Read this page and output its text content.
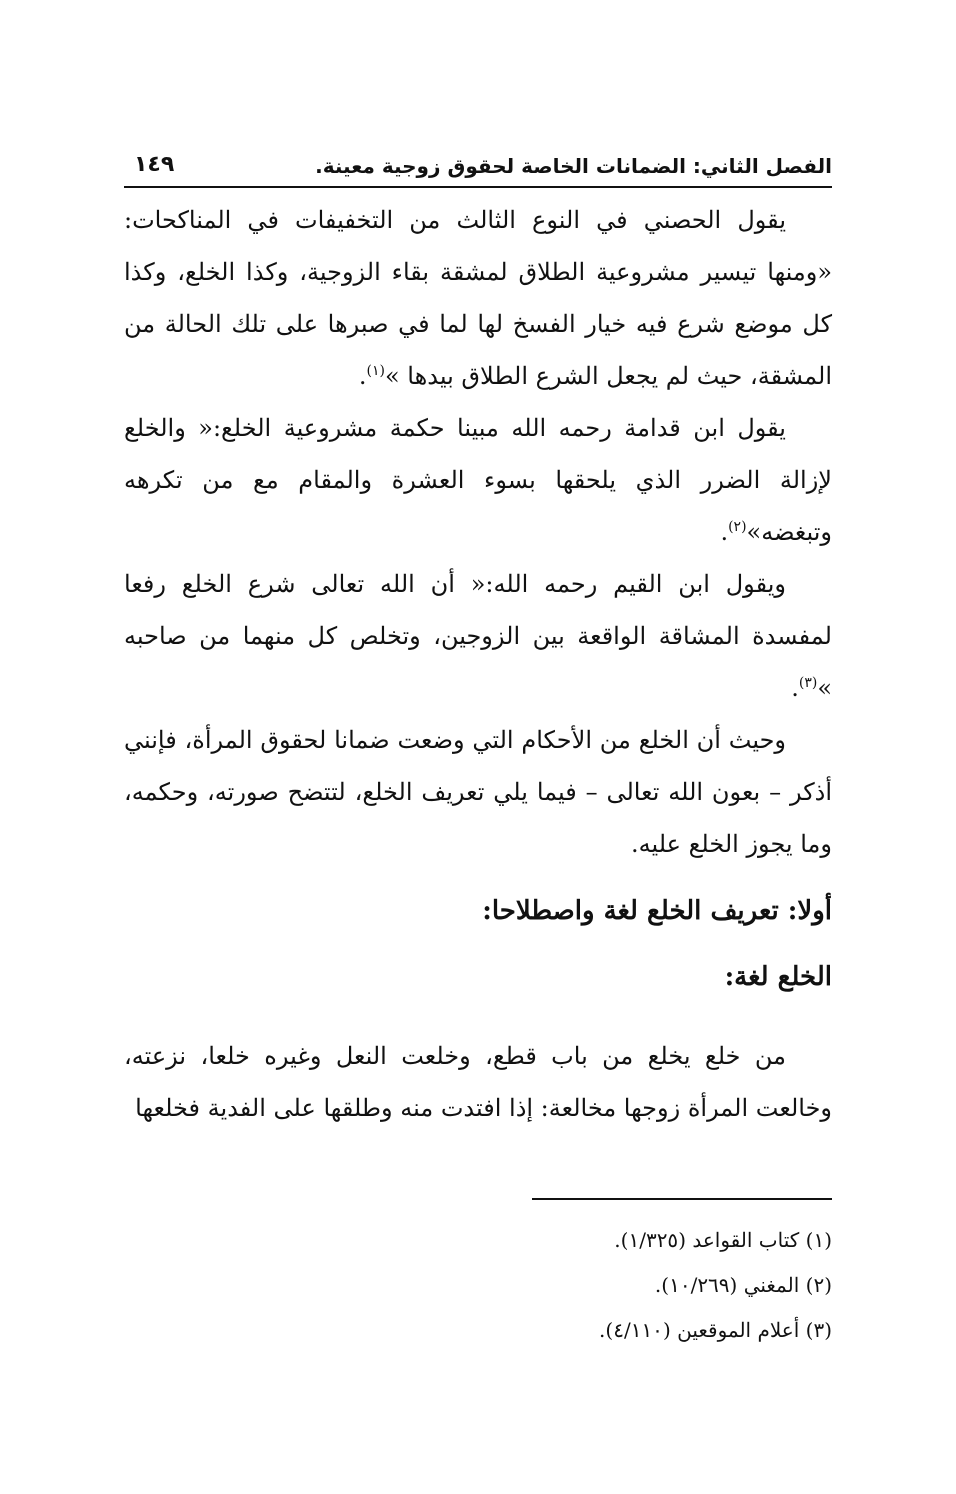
الفصل الثاني: الضمانات الخاصة لحقوق زوجية معينة.
١٤٩

يقول الحصني في النوع الثالث من التخفيفات في المناكحات: «ومنها تيسير مشروعية الطلاق لمشقة بقاء الزوجية، وكذا الخلع، وكذا كل موضع شرع فيه خيار الفسخ لها لما في صبرها على تلك الحالة من المشقة، حيث لم يجعل الشرع الطلاق بيدها »$^{(١)}$.

يقول ابن قدامة رحمه الله مبينا حكمة مشروعية الخلع:« والخلع لإزالة الضرر الذي يلحقها بسوء العشرة والمقام مع من تكرهه وتبغضه»$^{(٢)}$.

ويقول ابن القيم رحمه الله:« أن الله تعالى شرع الخلع رفعا لمفسدة المشاقة الواقعة بين الزوجين، وتخلص كل منهما من صاحبه »$^{(٣)}$.

وحيث أن الخلع من الأحكام التي وضعت ضمانا لحقوق المرأة، فإنني أذكر – بعون الله تعالى – فيما يلي تعريف الخلع، لتتضح صورته، وحكمه، وما يجوز الخلع عليه.

أولا: تعريف الخلع لغة واصطلاحا:

الخلع لغة:

من خلع يخلع من باب قطع، وخلعت النعل وغيره خلعا، نزعته، وخالعت المرأة زوجها مخالعة: إذا افتدت منه وطلقها على الفدية فخلعها

(١) كتاب القواعد (١/٣٢٥).
(٢) المغني (١٠/٢٦٩).
(٣) أعلام الموقعين (٤/١١٠).
